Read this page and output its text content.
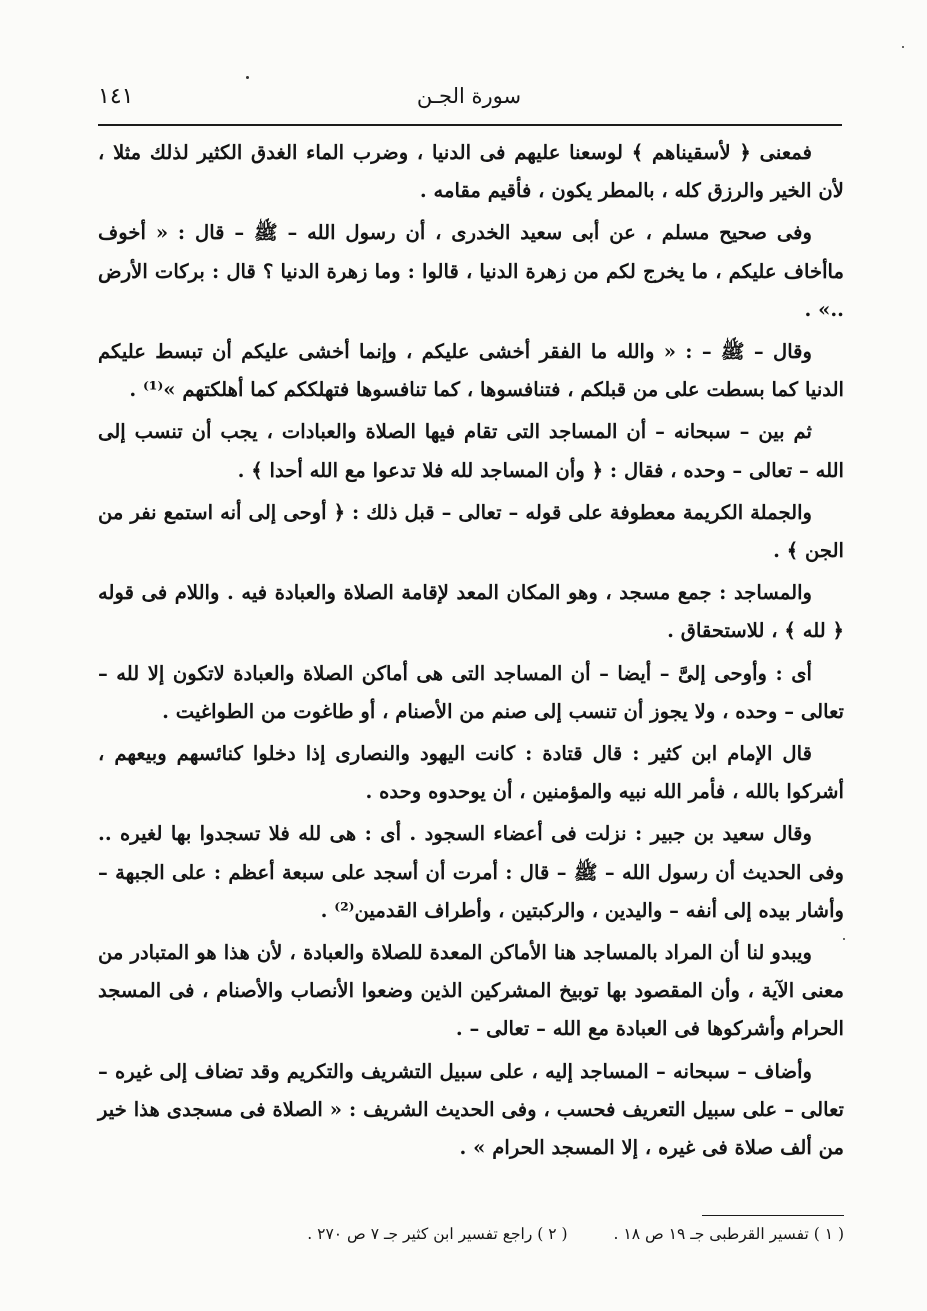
١٤١	سورة الجـن

فمعنى ﴿ لأسقيناهم ﴾ لوسعنا عليهم فى الدنيا ، وضرب الماء الغدق الكثير لذلك مثلا ، لأن الخير والرزق كله ، بالمطر يكون ، فأقيم مقامه .

وفى صحيح مسلم ، عن أبى سعيد الخدرى ، أن رسول الله – ﷺ – قال : « أخوف ماأخاف عليكم ، ما يخرج لكم من زهرة الدنيا ، قالوا : وما زهرة الدنيا ؟ قال : بركات الأرض ..» .

وقال – ﷺ – : « والله ما الفقر أخشى عليكم ، وإنما أخشى عليكم أن تبسط عليكم الدنيا كما بسطت على من قبلكم ، فتنافسوها ، كما تنافسوها فتهلككم كما أهلكتهم »⁽¹⁾ .

ثم بين – سبحانه – أن المساجد التى تقام فيها الصلاة والعبادات ، يجب أن تنسب إلى الله – تعالى – وحده ، فقال : ﴿ وأن المساجد لله فلا تدعوا مع الله أحدا ﴾ .

والجملة الكريمة معطوفة على قوله – تعالى – قبل ذلك : ﴿ أوحى إلى أنه استمع نفر من الجن ﴾ .

والمساجد : جمع مسجد ، وهو المكان المعد لإقامة الصلاة والعبادة فيه . واللام فى قوله ﴿ لله ﴾ ، للاستحقاق .

أى : وأوحى إلىَّ – أيضا – أن المساجد التى هى أماكن الصلاة والعبادة لاتكون إلا لله – تعالى – وحده ، ولا يجوز أن تنسب إلى صنم من الأصنام ، أو طاغوت من الطواغيت .

قال الإمام ابن كثير : قال قتادة : كانت اليهود والنصارى إذا دخلوا كنائسهم وبيعهم ، أشركوا بالله ، فأمر الله نبيه والمؤمنين ، أن يوحدوه وحده .

وقال سعيد بن جبير : نزلت فى أعضاء السجود . أى : هى لله فلا تسجدوا بها لغيره .. وفى الحديث أن رسول الله – ﷺ – قال : أمرت أن أسجد على سبعة أعظم : على الجبهة – وأشار بيده إلى أنفه – واليدين ، والركبتين ، وأطراف القدمين⁽²⁾ .

ويبدو لنا أن المراد بالمساجد هنا الأماكن المعدة للصلاة والعبادة ، لأن هذا هو المتبادر من معنى الآية ، وأن المقصود بها توبيخ المشركين الذين وضعوا الأنصاب والأصنام ، فى المسجد الحرام وأشركوها فى العبادة مع الله – تعالى – .

وأضاف – سبحانه – المساجد إليه ، على سبيل التشريف والتكريم وقد تضاف إلى غيره – تعالى – على سبيل التعريف فحسب ، وفى الحديث الشريف : « الصلاة فى مسجدى هذا خير من ألف صلاة فى غيره ، إلا المسجد الحرام » .

( ١ ) تفسير القرطبى جـ ١٩ ص ١٨ .( ٢ ) راجع تفسير ابن كثير جـ ٧ ص ٢٧٠ .
